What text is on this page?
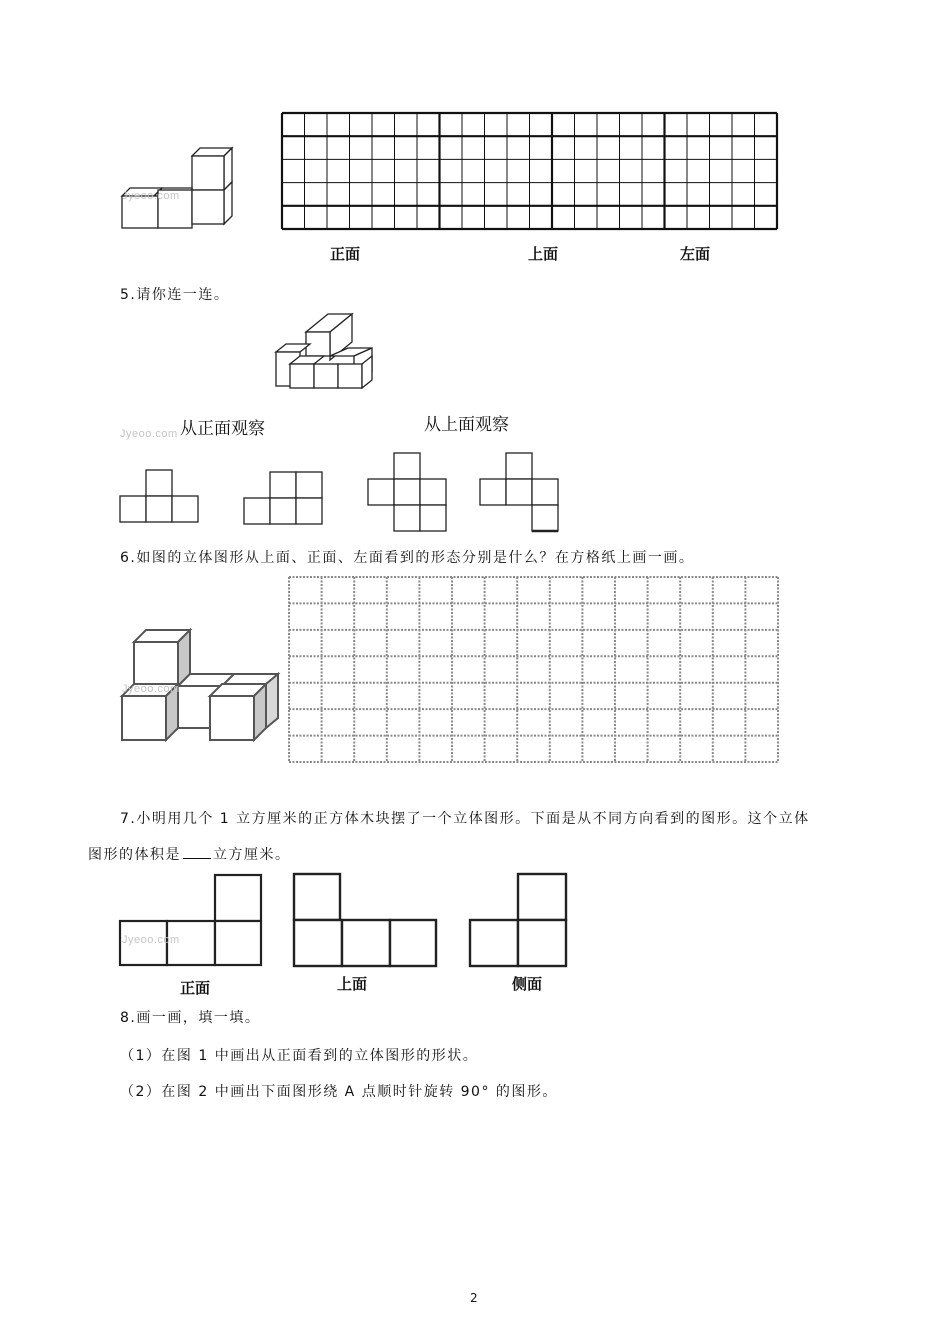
Jyeoo.com
正面	上面	左面
5.请你连一连。
从正面观察	从上面观察
Jyeoo.com
6.如图的立体图形从上面、正面、左面看到的形态分别是什么？在方格纸上画一画。
Jyeoo.com
7.小明用几个 1 立方厘米的正方体木块摆了一个立体图形。下面是从不同方向看到的图形。这个立体
图形的体积是 立方厘米。
Jyeoo.com
正面	上面	侧面
8.画一画，填一填。
（1）在图 1 中画出从正面看到的立体图形的形状。
（2）在图 2 中画出下面图形绕 A 点顺时针旋转 90° 的图形。
2
